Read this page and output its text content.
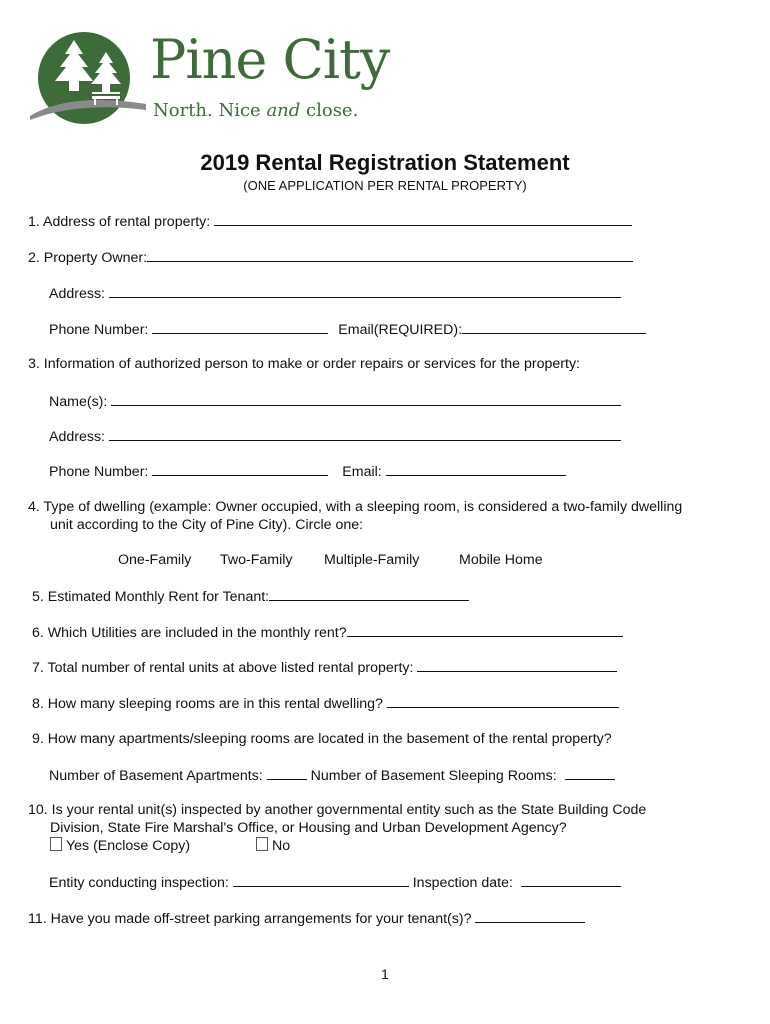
Pine City
North. Nice and close.
2019 Rental Registration Statement
(ONE APPLICATION PER RENTAL PROPERTY)
1. Address of rental property:
2. Property Owner:
Address:
Phone Number:	Email(REQUIRED):
3. Information of authorized person to make or order repairs or services for the property:
Name(s):
Address:
Phone Number:	Email:
4. Type of dwelling (example: Owner occupied, with a sleeping room, is considered a two-family dwelling
unit according to the City of Pine City). Circle one:
One-Family Two-Family Multiple-Family	Mobile Home
5. Estimated Monthly Rent for Tenant:
6. Which Utilities are included in the monthly rent?
7. Total number of rental units at above listed rental property:
8. How many sleeping rooms are in this rental dwelling?
9. How many apartments/sleeping rooms are located in the basement of the rental property?
Number of Basement Apartments:	Number of Basement Sleeping Rooms:
10. Is your rental unit(s) inspected by another governmental entity such as the State Building Code
Division, State Fire Marshal's Office, or Housing and Urban Development Agency?
Yes (Enclose Copy)	No
Entity conducting inspection:	Inspection date:
11. Have you made off-street parking arrangements for your tenant(s)?
1
